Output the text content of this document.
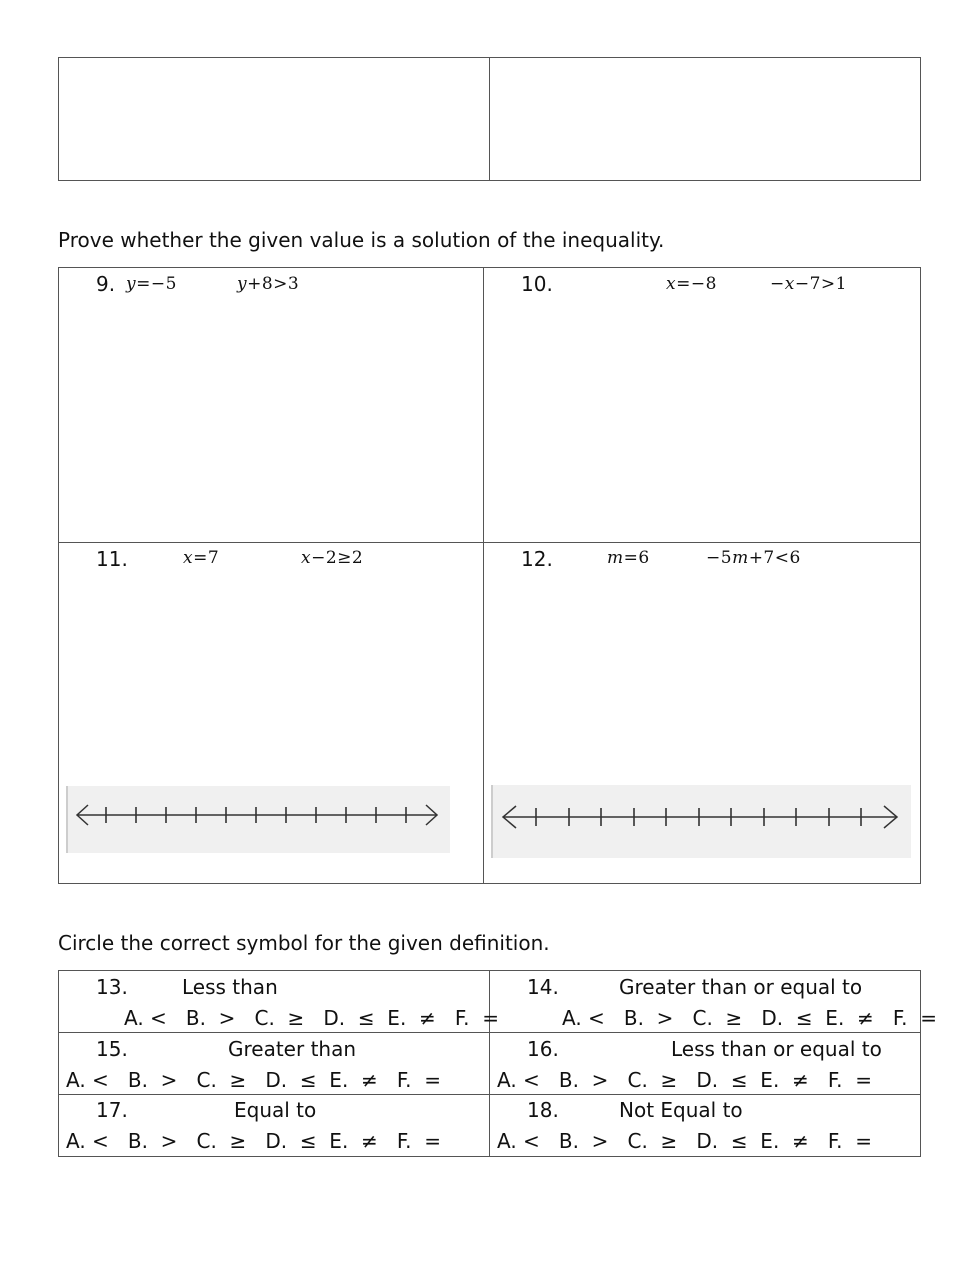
Prove whether the given value is a solution of the inequality.
9. y=−5	y+8>3	10.	x=−8	−x−7>1
11.	x=7	x−2≥2	12.	m=6	−5m+7<6
Circle the correct symbol for the given definition.
13.	Less than
A. <   B.  >   C.  ≥   D.  ≤  E.  ≠   F.  =
14.	Greater than or equal to
A. <   B.  >   C.  ≥   D.  ≤  E.  ≠   F.  =
15.	Greater than
A. <   B.  >   C.  ≥   D.  ≤  E.  ≠   F.  =
16.	Less than or equal to
A. <   B.  >   C.  ≥   D.  ≤  E.  ≠   F.  =
17.	Equal to
A. <   B.  >   C.  ≥   D.  ≤  E.  ≠   F.  =
18.	Not Equal to
A. <   B.  >   C.  ≥   D.  ≤  E.  ≠   F.  =
